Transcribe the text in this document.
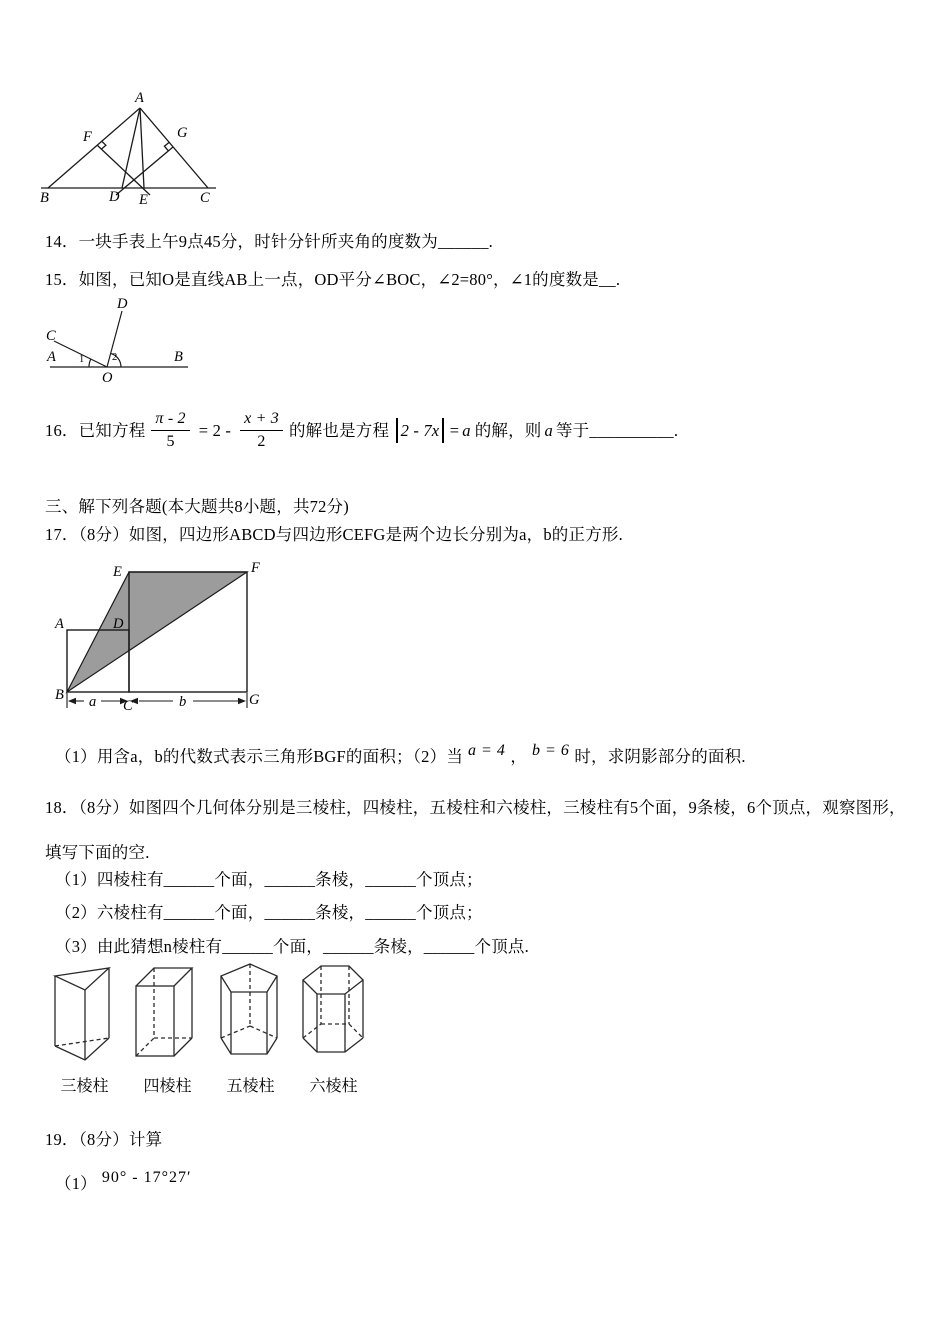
A
F	G
B	D E	C
14．一块手表上午9点45分，时针分针所夹角的度数为______.
15．如图，已知O是直线AB上一点，OD平分∠BOC，∠2=80°，∠1的度数是__.
D
C
A
O
B
1	2
16．已知方程 $\frac{\pi - 2}{5} = 2 - \frac{x + 3}{2}$ 的解也是方程 2 - 7x = a 的解，则 a 等于__________.
三、解下列各题(本大题共8小题，共72分)
17．（8分）如图，四边形ABCD与四边形CEFG是两个边长分别为a，b的正方形.
E	F
A	D
B
C	G
a	b
（1）用含a，b的代数式表示三角形BGF的面积；（2）当 a = 4 ， b = 6 时，求阴影部分的面积.
18．（8分）如图四个几何体分别是三棱柱，四棱柱，五棱柱和六棱柱，三棱柱有5个面，9条棱，6个顶点，观察图形，填写下面的空.
（1）四棱柱有______个面，______条棱，______个顶点；
（2）六棱柱有______个面，______条棱，______个顶点；
（3）由此猜想n棱柱有______个面，______条棱，______个顶点.
三棱柱 四棱柱 五棱柱 六棱柱
19．（8分）计算
（1） 90° - 17°27′
